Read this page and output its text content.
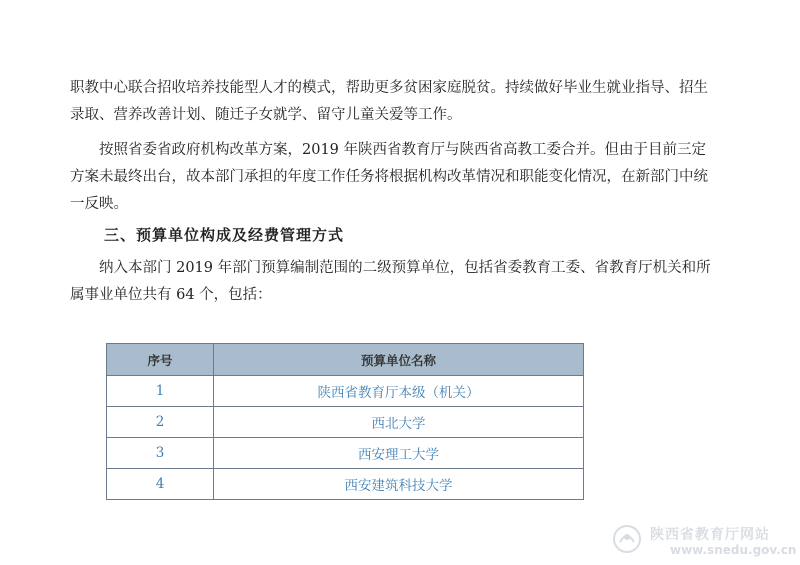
职教中心联合招收培养技能型人才的模式，帮助更多贫困家庭脱贫。持续做好毕业生就业指导、招生
录取、营养改善计划、随迁子女就学、留守儿童关爱等工作。
按照省委省政府机构改革方案，2019 年陕西省教育厅与陕西省高教工委合并。但由于目前三定
方案未最终出台，故本部门承担的年度工作任务将根据机构改革情况和职能变化情况，在新部门中统
一反映。
三、预算单位构成及经费管理方式
纳入本部门 2019 年部门预算编制范围的二级预算单位，包括省委教育工委、省教育厅机关和所
属事业单位共有 64 个，包括：
序号	预算单位名称
1	陕西省教育厅本级（机关）
2	西北大学
3	西安理工大学
4	西安建筑科技大学
陕西省教育厅网站
www.snedu.gov.cn
